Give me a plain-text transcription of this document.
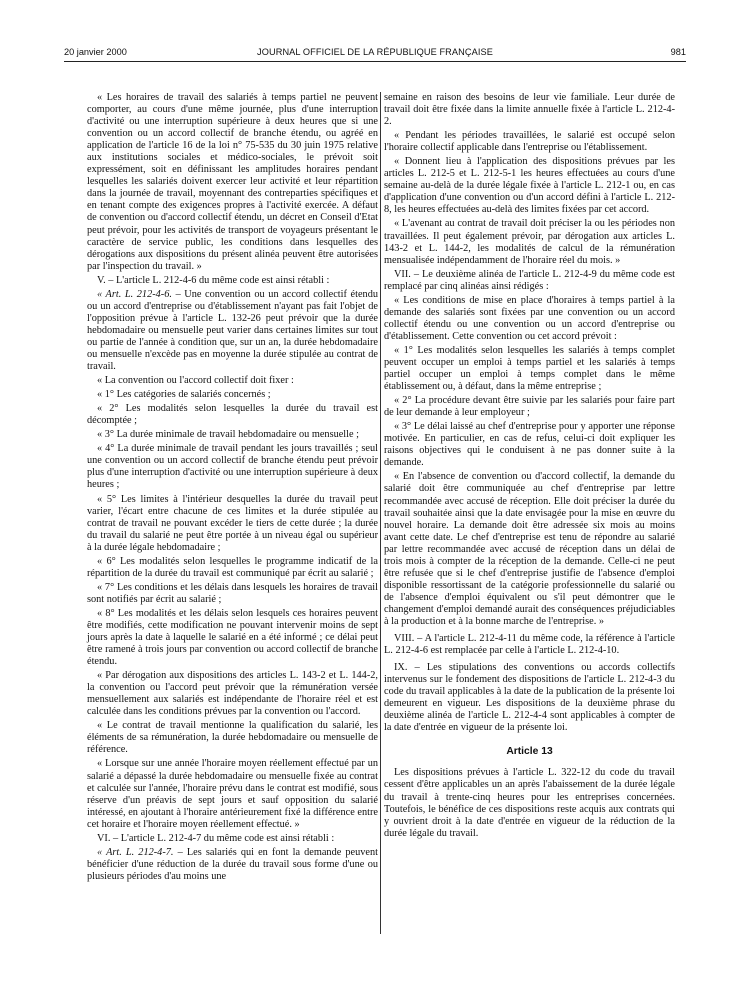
20 janvier 2000	JOURNAL OFFICIEL DE LA RÉPUBLIQUE FRANÇAISE	981

« Les horaires de travail des salariés à temps partiel ne peuvent comporter, au cours d'une même journée, plus d'une interruption d'activité ou une interruption supérieure à deux heures que si une convention ou un accord collectif de branche étendu, ou agréé en application de l'article 16 de la loi n° 75-535 du 30 juin 1975 relative aux institutions sociales et médico-sociales, le prévoit soit expressément, soit en définissant les amplitudes horaires pendant lesquelles les salariés doivent exercer leur activité et leur répartition dans la journée de travail, moyennant des contreparties spécifiques et en tenant compte des exigences propres à l'activité exercée. A défaut de convention ou d'accord collectif étendu, un décret en Conseil d'Etat peut prévoir, pour les activités de transport de voyageurs présentant le caractère de service public, les conditions dans lesquelles des dérogations aux dispositions du présent alinéa peuvent être autorisées par l'inspection du travail. »

V. – L'article L. 212-4-6 du même code est ainsi rétabli :

« Art. L. 212-4-6. – Une convention ou un accord collectif étendu ou un accord d'entreprise ou d'établissement n'ayant pas fait l'objet de l'opposition prévue à l'article L. 132-26 peut prévoir que la durée hebdomadaire ou mensuelle peut varier dans certaines limites sur tout ou partie de l'année à condition que, sur un an, la durée hebdomadaire ou mensuelle n'excède pas en moyenne la durée stipulée au contrat de travail.

« La convention ou l'accord collectif doit fixer :

« 1° Les catégories de salariés concernés ;

« 2° Les modalités selon lesquelles la durée du travail est décomptée ;

« 3° La durée minimale de travail hebdomadaire ou mensuelle ;

« 4° La durée minimale de travail pendant les jours travaillés ; seul une convention ou un accord collectif de branche étendu peut prévoir plus d'une interruption d'activité ou une interruption supérieure à deux heures ;

« 5° Les limites à l'intérieur desquelles la durée du travail peut varier, l'écart entre chacune de ces limites et la durée stipulée au contrat de travail ne pouvant excéder le tiers de cette durée ; la durée du travail du salarié ne peut être portée à un niveau égal ou supérieur à la durée légale hebdomadaire ;

« 6° Les modalités selon lesquelles le programme indicatif de la répartition de la durée du travail est communiqué par écrit au salarié ;

« 7° Les conditions et les délais dans lesquels les horaires de travail sont notifiés par écrit au salarié ;

« 8° Les modalités et les délais selon lesquels ces horaires peuvent être modifiés, cette modification ne pouvant intervenir moins de sept jours après la date à laquelle le salarié en a été informé ; ce délai peut être ramené à trois jours par convention ou accord collectif de branche étendu.

« Par dérogation aux dispositions des articles L. 143-2 et L. 144-2, la convention ou l'accord peut prévoir que la rémunération versée mensuellement aux salariés est indépendante de l'horaire réel et est calculée dans les conditions prévues par la convention ou l'accord.

« Le contrat de travail mentionne la qualification du salarié, les éléments de sa rémunération, la durée hebdomadaire ou mensuelle de référence.

« Lorsque sur une année l'horaire moyen réellement effectué par un salarié a dépassé la durée hebdomadaire ou mensuelle fixée au contrat et calculée sur l'année, l'horaire prévu dans le contrat est modifié, sous réserve d'un préavis de sept jours et sauf opposition du salarié intéressé, en ajoutant à l'horaire antérieurement fixé la différence entre cet horaire et l'horaire moyen réellement effectué. »

VI. – L'article L. 212-4-7 du même code est ainsi rétabli :

« Art. L. 212-4-7. – Les salariés qui en font la demande peuvent bénéficier d'une réduction de la durée du travail sous forme d'une ou plusieurs périodes d'au moins une

semaine en raison des besoins de leur vie familiale. Leur durée de travail doit être fixée dans la limite annuelle fixée à l'article L. 212-4-2.

« Pendant les périodes travaillées, le salarié est occupé selon l'horaire collectif applicable dans l'entreprise ou l'établissement.

« Donnent lieu à l'application des dispositions prévues par les articles L. 212-5 et L. 212-5-1 les heures effectuées au cours d'une semaine au-delà de la durée légale fixée à l'article L. 212-1 ou, en cas d'application d'une convention ou d'un accord défini à l'article L. 212-8, les heures effectuées au-delà des limites fixées par cet accord.

« L'avenant au contrat de travail doit préciser la ou les périodes non travaillées. Il peut également prévoir, par dérogation aux articles L. 143-2 et L. 144-2, les modalités de calcul de la rémunération mensualisée indépendamment de l'horaire réel du mois. »

VII. – Le deuxième alinéa de l'article L. 212-4-9 du même code est remplacé par cinq alinéas ainsi rédigés :

« Les conditions de mise en place d'horaires à temps partiel à la demande des salariés sont fixées par une convention ou un accord collectif étendu ou une convention ou un accord d'entreprise ou d'établissement. Cette convention ou cet accord prévoit :

« 1° Les modalités selon lesquelles les salariés à temps complet peuvent occuper un emploi à temps partiel et les salariés à temps partiel occuper un emploi à temps complet dans le même établissement ou, à défaut, dans la même entreprise ;

« 2° La procédure devant être suivie par les salariés pour faire part de leur demande à leur employeur ;

« 3° Le délai laissé au chef d'entreprise pour y apporter une réponse motivée. En particulier, en cas de refus, celui-ci doit expliquer les raisons objectives qui le conduisent à ne pas donner suite à la demande.

« En l'absence de convention ou d'accord collectif, la demande du salarié doit être communiquée au chef d'entreprise par lettre recommandée avec accusé de réception. Elle doit préciser la durée du travail souhaitée ainsi que la date envisagée pour la mise en œuvre du nouvel horaire. La demande doit être adressée six mois au moins avant cette date. Le chef d'entreprise est tenu de répondre au salarié par lettre recommandée avec accusé de réception dans un délai de trois mois à compter de la réception de la demande. Celle-ci ne peut être refusée que si le chef d'entreprise justifie de l'absence d'emploi disponible ressortissant de la catégorie professionnelle du salarié ou de l'absence d'emploi équivalent ou s'il peut démontrer que le changement d'emploi demandé aurait des conséquences préjudiciables à la production et à la bonne marche de l'entreprise. »

VIII. – A l'article L. 212-4-11 du même code, la référence à l'article L. 212-4-6 est remplacée par celle à l'article L. 212-4-10.

IX. – Les stipulations des conventions ou accords collectifs intervenus sur le fondement des dispositions de l'article L. 212-4-3 du code du travail applicables à la date de la publication de la présente loi demeurent en vigueur. Les dispositions de la deuxième phrase du deuxième alinéa de l'article L. 212-4-4 sont applicables à compter de la date d'entrée en vigueur de la présente loi.

Article 13

Les dispositions prévues à l'article L. 322-12 du code du travail cessent d'être applicables un an après l'abaissement de la durée légale du travail à trente-cinq heures pour les entreprises concernées. Toutefois, le bénéfice de ces dispositions reste acquis aux contrats qui y ouvrient droit à la date d'entrée en vigueur de la réduction de la durée légale du travail.
